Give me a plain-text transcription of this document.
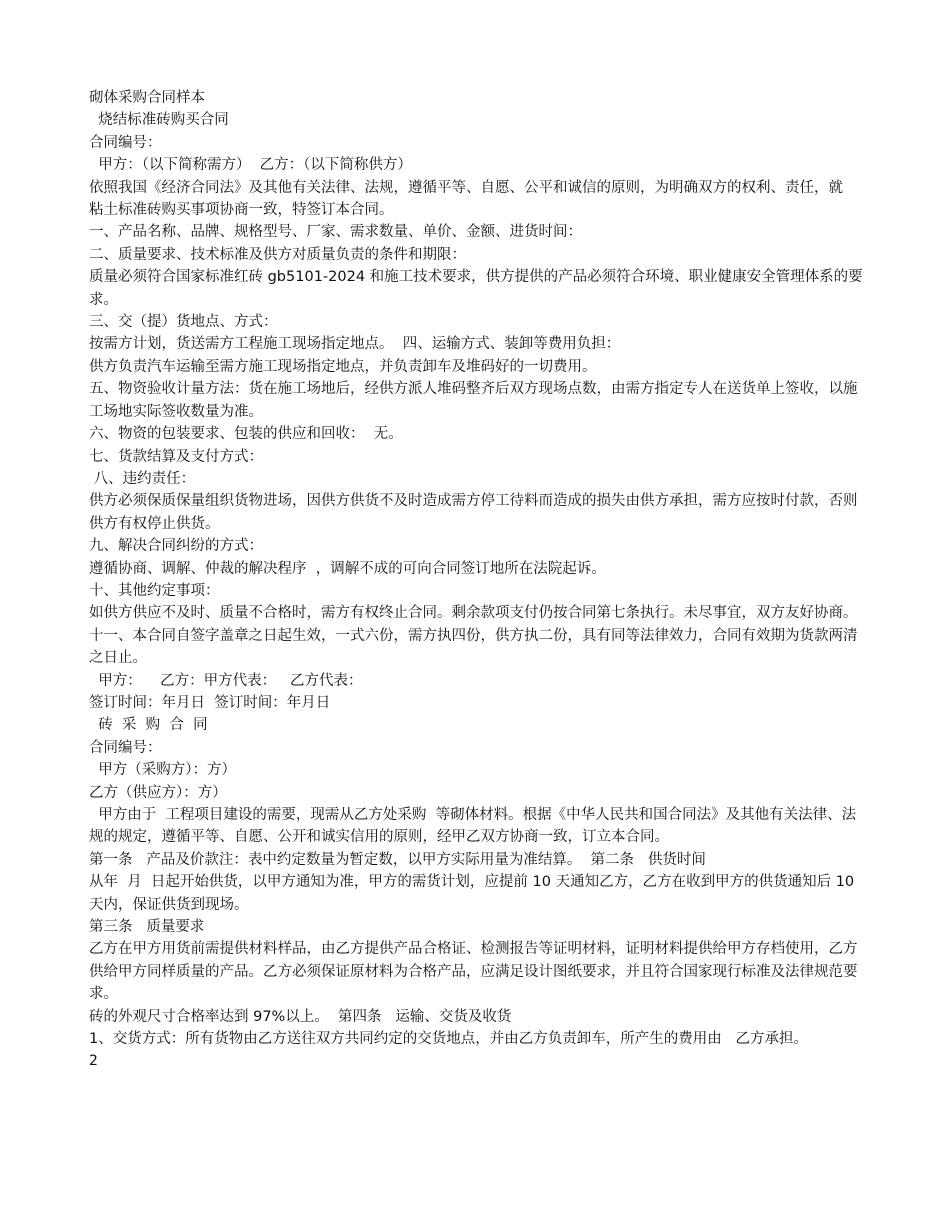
砌体采购合同样本

烧结标准砖购买合同

合同编号：

甲方：（以下简称需方）  乙方：（以下简称供方）

依照我国《经济合同法》及其他有关法律、法规，遵循平等、自愿、公平和诚信的原则，为明确双方的权利、责任，就    粘土标准砖购买事项协商一致，特签订本合同。

一、产品名称、品牌、规格型号、厂家、需求数量、单价、金额、进货时间：

二、质量要求、技术标准及供方对质量负责的条件和期限：

质量必须符合国家标准红砖 gb5101-2024 和施工技术要求，供方提供的产品必须符合环境、职业健康安全管理体系的要求。

三、交（提）货地点、方式：

按需方计划，货送需方工程施工现场指定地点。  四、运输方式、装卸等费用负担：

供方负责汽车运输至需方施工现场指定地点，并负责卸车及堆码好的一切费用。

五、物资验收计量方法：货在施工场地后，经供方派人堆码整齐后双方现场点数，由需方指定专人在送货单上签收，以施工场地实际签收数量为准。

六、物资的包装要求、包装的供应和回收：  无。

七、货款结算及支付方式：

八、违约责任：

供方必须保质保量组织货物进场，因供方供货不及时造成需方停工待料而造成的损失由供方承担，需方应按时付款，否则供方有权停止供货。

九、解决合同纠纷的方式：

遵循协商、调解、仲裁的解决程序  ，调解不成的可向合同签订地所在法院起诉。

十、其他约定事项：

如供方供应不及时、质量不合格时，需方有权终止合同。剩余款项支付仍按合同第七条执行。未尽事宜，双方友好协商。

十一、本合同自签字盖章之日起生效，一式六份，需方执四份，供方执二份，具有同等法律效力，合同有效期为货款两清之日止。

甲方：    乙方：甲方代表：   乙方代表：

签订时间：年月日  签订时间：年月日

砖  采  购  合  同

合同编号：

甲方（采购方）：方）

乙方（供应方）：方）

甲方由于  工程项目建设的需要，现需从乙方处采购  等砌体材料。根据《中华人民共和国合同法》及其他有关法律、法规的规定，遵循平等、自愿、公开和诚实信用的原则，经甲乙双方协商一致，订立本合同。

第一条   产品及价款注：表中约定数量为暂定数，以甲方实际用量为准结算。  第二条   供货时间

从年  月  日起开始供货，以甲方通知为准，甲方的需货计划，应提前 10 天通知乙方，乙方在收到甲方的供货通知后 10 天内，保证供货到现场。

第三条   质量要求

乙方在甲方用货前需提供材料样品，由乙方提供产品合格证、检测报告等证明材料，证明材料提供给甲方存档使用，乙方供给甲方同样质量的产品。乙方必须保证原材料为合格产品，应满足设计图纸要求，并且符合国家现行标准及法律规范要求。

砖的外观尺寸合格率达到 97%以上。  第四条   运输、交货及收货

1、交货方式：所有货物由乙方送往双方共同约定的交货地点，并由乙方负责卸车，所产生的费用由   乙方承担。

2
